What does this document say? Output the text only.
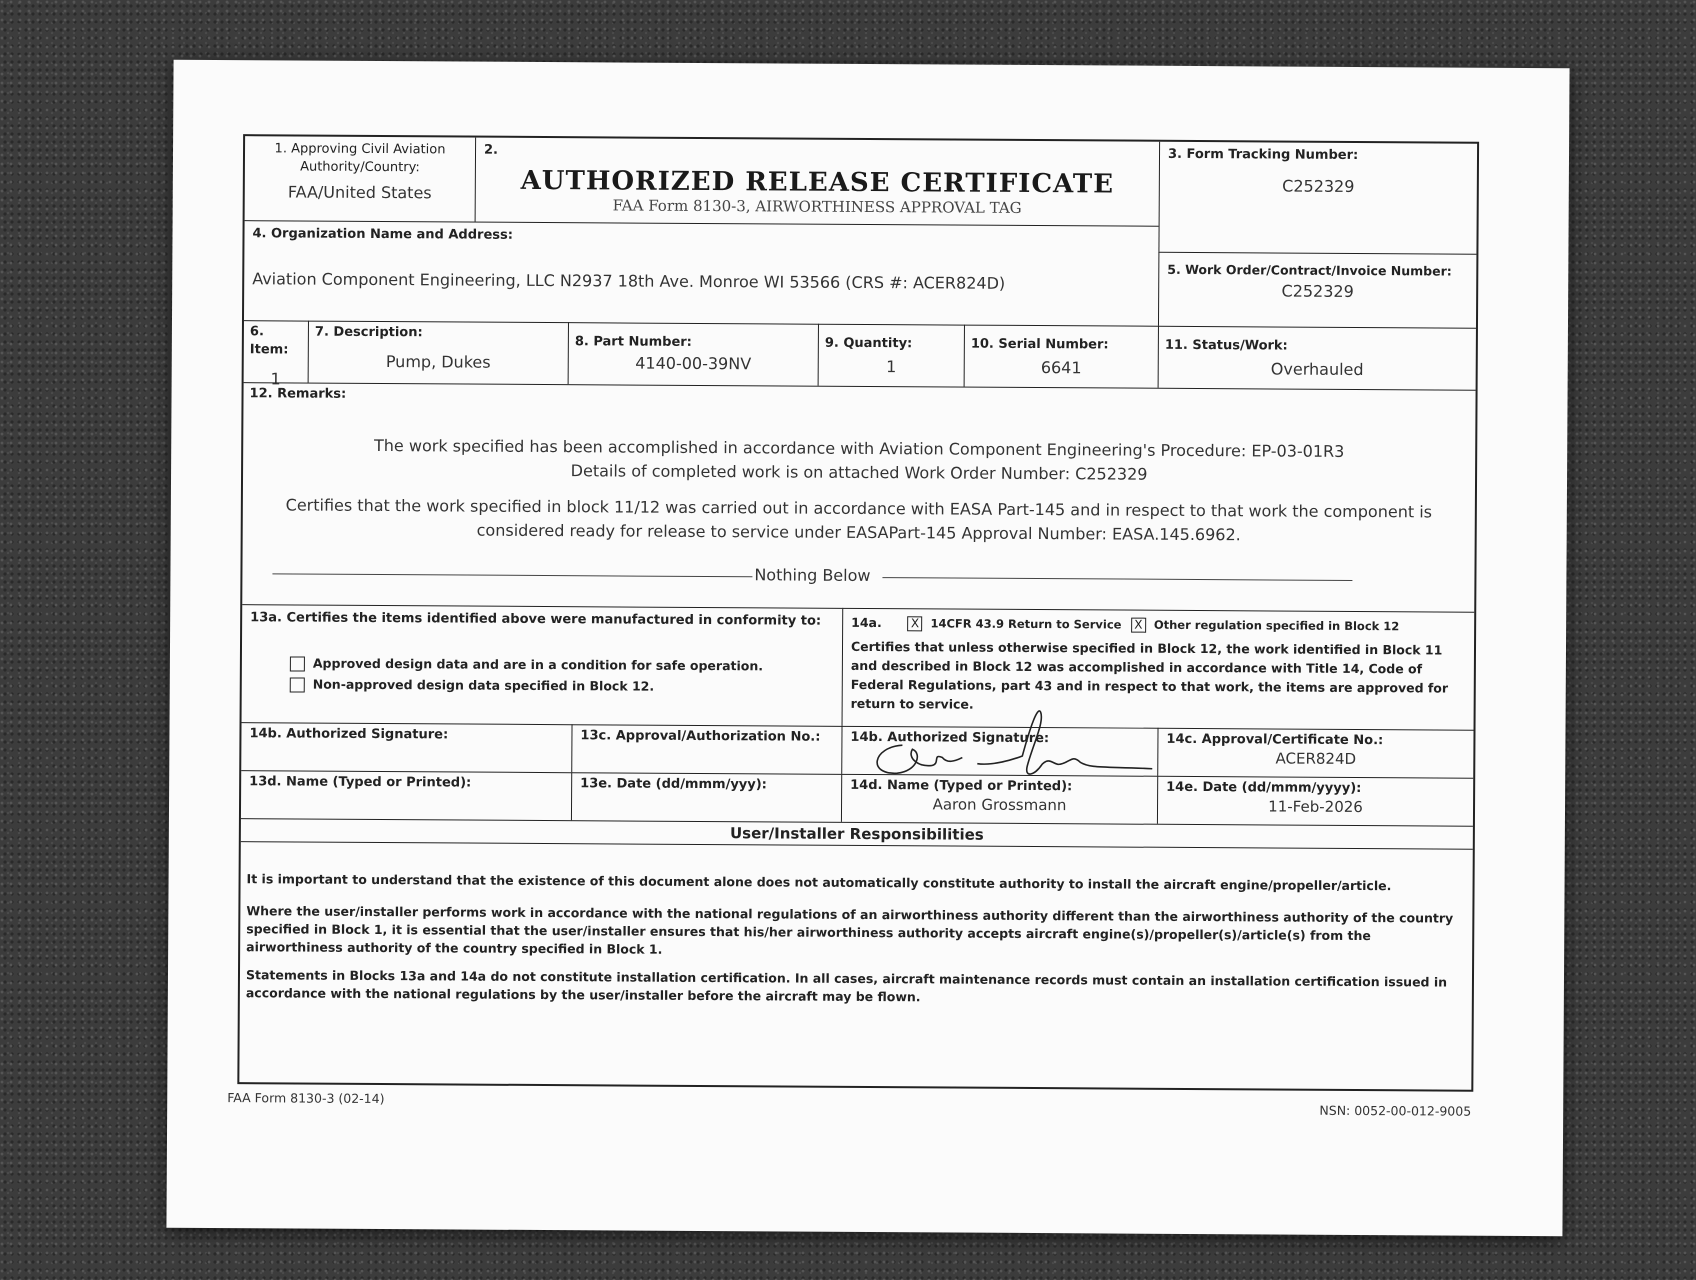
1. Approving Civil Aviation Authority/Country:
FAA/United States
2.
AUTHORIZED RELEASE CERTIFICATE
FAA Form 8130-3, AIRWORTHINESS APPROVAL TAG
3. Form Tracking Number:
C252329
4. Organization Name and Address:
Aviation Component Engineering, LLC N2937 18th Ave. Monroe WI 53566 (CRS #: ACER824D)	5. Work Order/Contract/Invoice Number:
C252329
6. Item:
1
7. Description:
Pump, Dukes
8. Part Number:
4140-00-39NV
9. Quantity:
1
10. Serial Number:
6641
11. Status/Work:
Overhauled
12. Remarks:
The work specified has been accomplished in accordance with Aviation Component Engineering's Procedure: EP-03-01R3
Details of completed work is on attached Work Order Number: C252329
Certifies that the work specified in block 11/12 was carried out in accordance with EASA Part-145 and in respect to that work the component is
considered ready for release to service under EASAPart-145 Approval Number: EASA.145.6962.
Nothing Below
13a. Certifies the items identified above were manufactured in conformity to:
Approved design data and are in a condition for safe operation.
Non-approved design data specified in Block 12.
14a. X 14CFR 43.9 Return to Service X Other regulation specified in Block 12
Certifies that unless otherwise specified in Block 12, the work identified in Block 11 and described in Block 12 was accomplished in accordance with Title 14, Code of Federal Regulations, part 43 and in respect to that work, the items are approved for return to service.
14b. Authorized Signature:	13c. Approval/Authorization No.:	14b. Authorized Signature:	14c. Approval/Certificate No.:
ACER824D
13d. Name (Typed or Printed):	13e. Date (dd/mmm/yyy):	14d. Name (Typed or Printed):
Aaron Grossmann
14e. Date (dd/mmm/yyyy):
11-Feb-2026
User/Installer Responsibilities
It is important to understand that the existence of this document alone does not automatically constitute authority to install the aircraft engine/propeller/article.
Where the user/installer performs work in accordance with the national regulations of an airworthiness authority different than the airworthiness authority of the country specified in Block 1, it is essential that the user/installer ensures that his/her airworthiness authority accepts aircraft engine(s)/propeller(s)/article(s) from the airworthiness authority of the country specified in Block 1.
Statements in Blocks 13a and 14a do not constitute installation certification. In all cases, aircraft maintenance records must contain an installation certification issued in accordance with the national regulations by the user/installer before the aircraft may be flown.
FAA Form 8130-3 (02-14)
NSN: 0052-00-012-9005
